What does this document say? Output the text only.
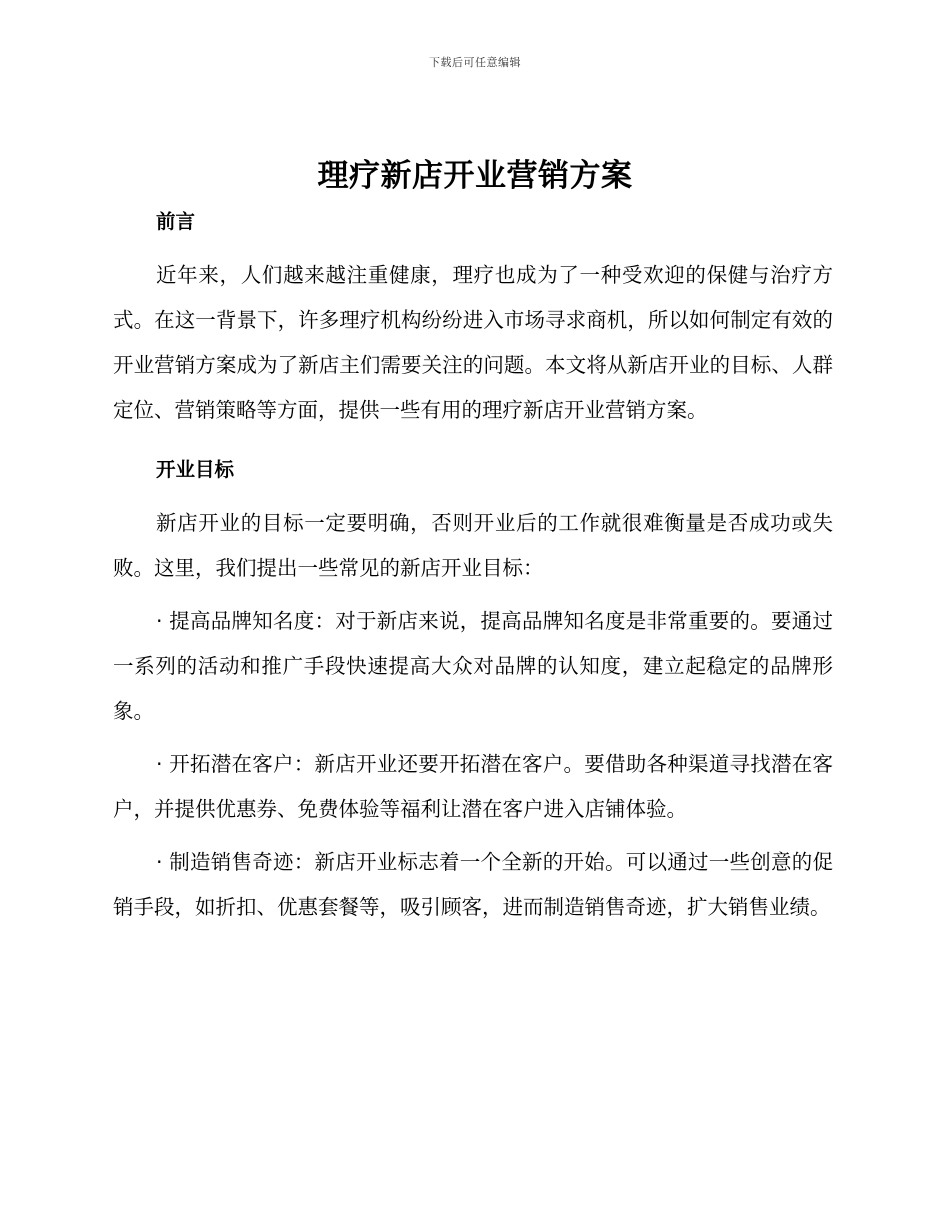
下载后可任意编辑
理疗新店开业营销方案
前言

近年来，人们越来越注重健康，理疗也成为了一种受欢迎的保健与治疗方式。在这一背景下，许多理疗机构纷纷进入市场寻求商机，所以如何制定有效的开业营销方案成为了新店主们需要关注的问题。本文将从新店开业的目标、人群定位、营销策略等方面，提供一些有用的理疗新店开业营销方案。

开业目标

新店开业的目标一定要明确，否则开业后的工作就很难衡量是否成功或失败。这里，我们提出一些常见的新店开业目标：

· 提高品牌知名度：对于新店来说，提高品牌知名度是非常重要的。要通过一系列的活动和推广手段快速提高大众对品牌的认知度，建立起稳定的品牌形象。

· 开拓潜在客户：新店开业还要开拓潜在客户。要借助各种渠道寻找潜在客户，并提供优惠券、免费体验等福利让潜在客户进入店铺体验。

· 制造销售奇迹：新店开业标志着一个全新的开始。可以通过一些创意的促销手段，如折扣、优惠套餐等，吸引顾客，进而制造销售奇迹，扩大销售业绩。
